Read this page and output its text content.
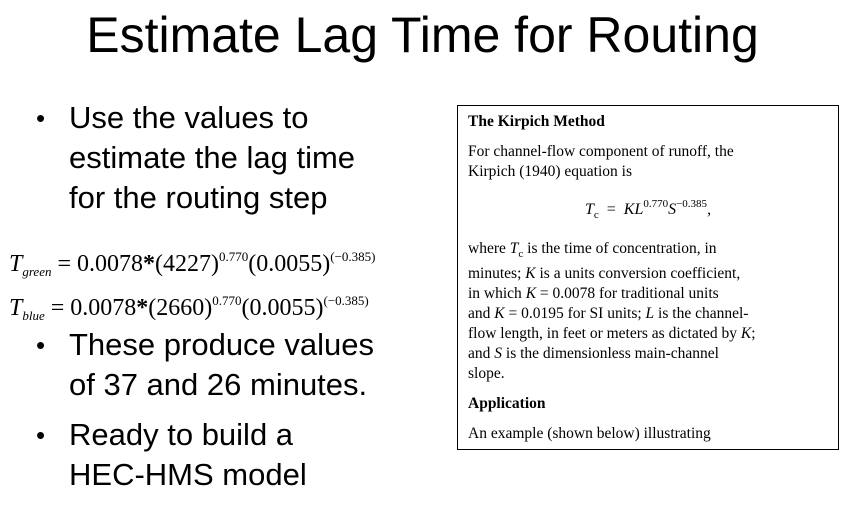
Estimate Lag Time for Routing
• Use the values to
estimate the lag time
for the routing step
$T_{green} = 0.0078*(4227)^{0.770}(0.0055)^{(-0.385)}$
$T_{blue} = 0.0078*(2660)^{0.770}(0.0055)^{(-0.385)}$
• These produce values
of 37 and 26 minutes.
• Ready to build a
HEC-HMS model
The Kirpich Method

For channel-flow component of runoff, the
Kirpich (1940) equation is

$T_c = KL^{0.770}S^{-0.385}$,

where $T_c$ is the time of concentration, in
minutes; K is a units conversion coefficient,
in which K = 0.0078 for traditional units
and K = 0.0195 for SI units; L is the channel-
flow length, in feet or meters as dictated by K;
and S is the dimensionless main-channel
slope.

Application

An example (shown below) illustrating
